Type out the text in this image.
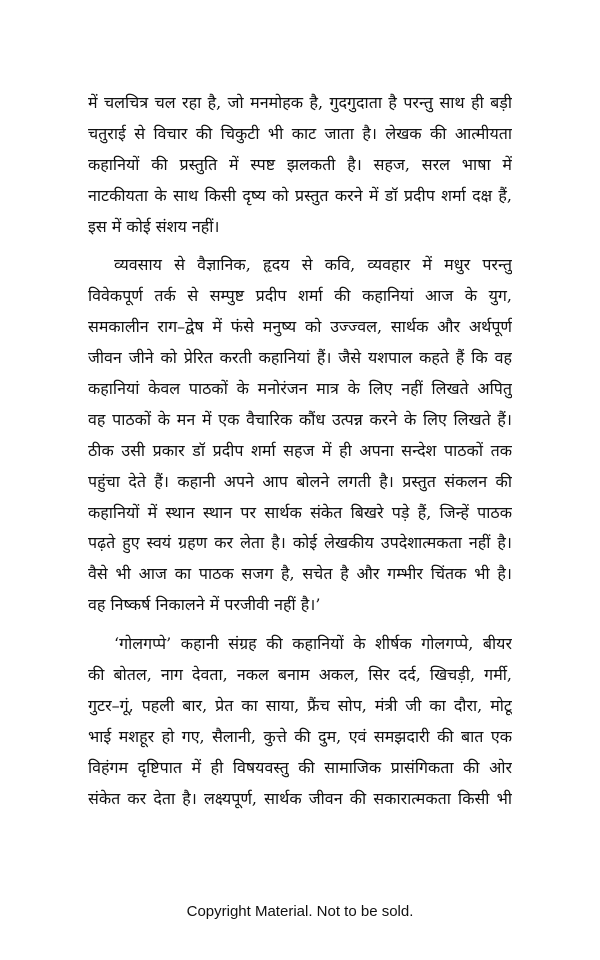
में चलचित्र चल रहा है, जो मनमोहक है, गुदगुदाता है परन्तु साथ ही बड़ी
चतुराई से विचार की चिकुटी भी काट जाता है। लेखक की आत्मीयता
कहानियों की प्रस्तुति में स्पष्ट झलकती है। सहज, सरल भाषा में
नाटकीयता के साथ किसी दृष्य को प्रस्तुत करने में डॉ प्रदीप शर्मा दक्ष हैं,
इस में कोई संशय नहीं।
व्यवसाय से वैज्ञानिक, हृदय से कवि, व्यवहार में मधुर परन्तु
विवेकपूर्ण तर्क से सम्पुष्ट प्रदीप शर्मा की कहानियां आज के युग,
समकालीन राग–द्वेष में फंसे मनुष्य को उज्ज्वल, सार्थक और अर्थपूर्ण
जीवन जीने को प्रेरित करती कहानियां हैं। जैसे यशपाल कहते हैं कि वह
कहानियां केवल पाठकों के मनोरंजन मात्र के लिए नहीं लिखते अपितु
वह पाठकों के मन में एक वैचारिक कौंध उत्पन्न करने के लिए लिखते हैं।
ठीक उसी प्रकार डॉ प्रदीप शर्मा सहज में ही अपना सन्देश पाठकों तक
पहुंचा देते हैं। कहानी अपने आप बोलने लगती है। प्रस्तुत संकलन की
कहानियों में स्थान स्थान पर सार्थक संकेत बिखरे पड़े हैं, जिन्हें पाठक
पढ़ते हुए स्वयं ग्रहण कर लेता है। कोई लेखकीय उपदेशात्मकता नहीं है।
वैसे भी आज का पाठक सजग है, सचेत है और गम्भीर चिंतक भी है।
वह निष्कर्ष निकालने में परजीवी नहीं है।’
‘गोलगप्पे’ कहानी संग्रह की कहानियों के शीर्षक गोलगप्पे, बीयर
की बोतल, नाग देवता, नकल बनाम अकल, सिर दर्द, खिचड़ी, गर्मी,
गुटर–गूं, पहली बार, प्रेत का साया, फ्रैंच सोप, मंत्री जी का दौरा, मोटू
भाई मशहूर हो गए, सैलानी, कुत्ते की दुम, एवं समझदारी की बात एक
विहंगम दृष्टिपात में ही विषयवस्तु की सामाजिक प्रासंगिकता की ओर
संकेत कर देता है। लक्ष्यपूर्ण, सार्थक जीवन की सकारात्मकता किसी भी
Copyright Material. Not to be sold.
